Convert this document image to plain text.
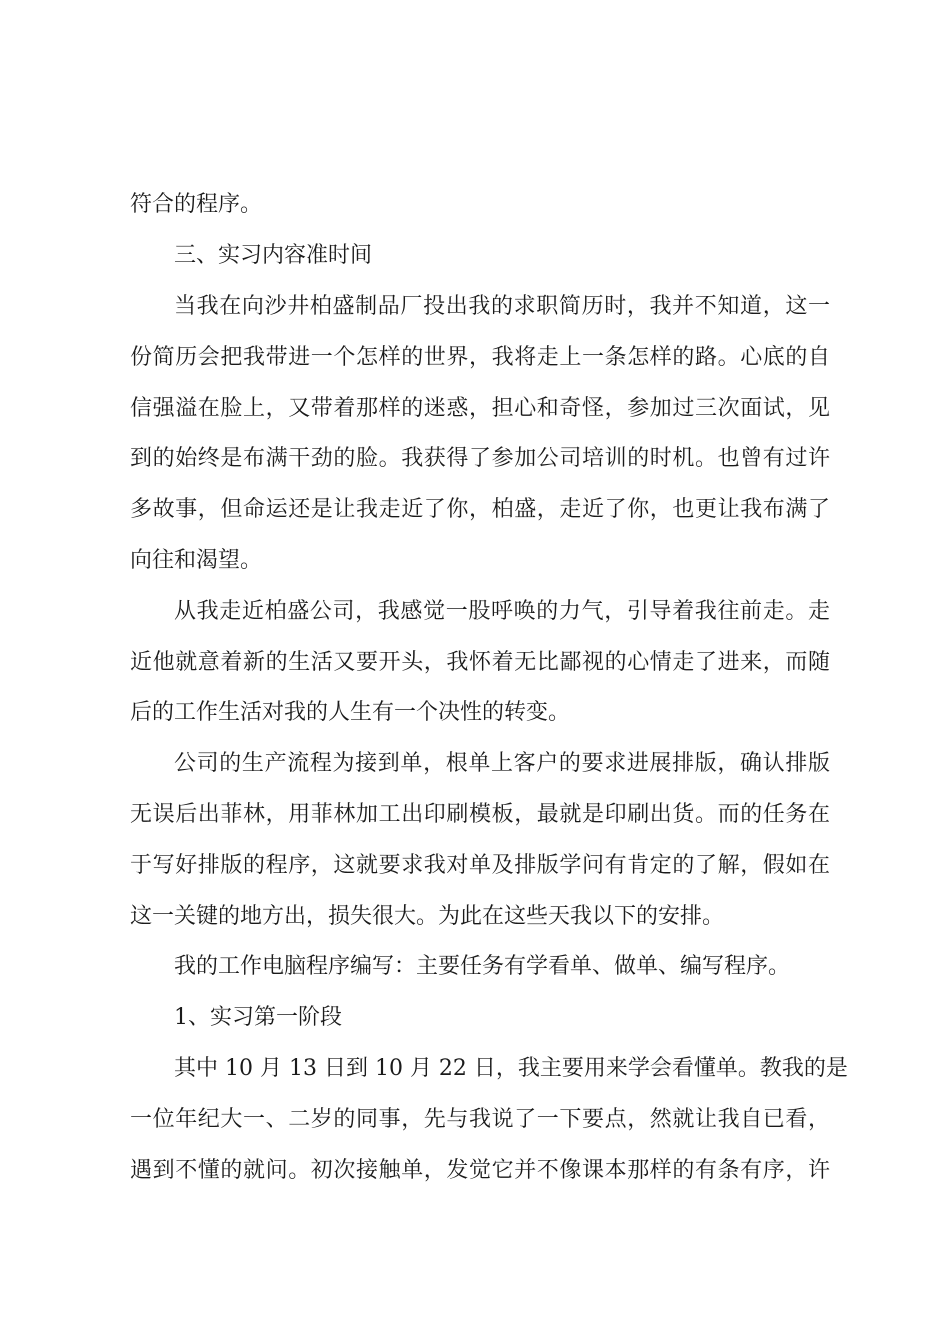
符合的程序。
三、实习内容准时间
当我在向沙井柏盛制品厂投出我的求职简历时，我并不知道，这一
份简历会把我带进一个怎样的世界，我将走上一条怎样的路。心底的自
信强溢在脸上，又带着那样的迷惑，担心和奇怪，参加过三次面试，见
到的始终是布满干劲的脸。我获得了参加公司培训的时机。也曾有过许
多故事，但命运还是让我走近了你，柏盛，走近了你，也更让我布满了
向往和渴望。
从我走近柏盛公司，我感觉一股呼唤的力气，引导着我往前走。走
近他就意着新的生活又要开头，我怀着无比鄙视的心情走了进来，而随
后的工作生活对我的人生有一个决性的转变。
公司的生产流程为接到单，根单上客户的要求进展排版，确认排版
无误后出菲林，用菲林加工出印刷模板，最就是印刷出货。而的任务在
于写好排版的程序，这就要求我对单及排版学问有肯定的了解，假如在
这一关键的地方出，损失很大。为此在这些天我以下的安排。
我的工作电脑程序编写：主要任务有学看单、做单、编写程序。
1、实习第一阶段
其中 10 月 13 日到 10 月 22 日，我主要用来学会看懂单。教我的是
一位年纪大一、二岁的同事，先与我说了一下要点，然就让我自已看，
遇到不懂的就问。初次接触单，发觉它并不像课本那样的有条有序，许
